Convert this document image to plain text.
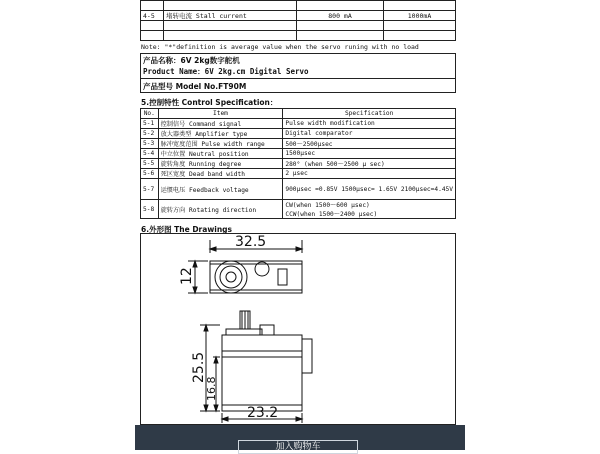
4-5	堵转电流 Stall current	800 mA	1000mA

Note: "*"definition is average value when the servo runing with no load
产品名称：6V 2kg数字舵机
Product Name：6V 2kg.cm Digital Servo
产品型号 Model No.FT90M
5.控制特性 Control Specification：
No.	Item	Specification
5-1	控制信号 Command signal	Pulse width modification
5-2	放大器类型 Amplifier type	Digital comparator
5-3	脉冲宽度范围 Pulse width range	500～2500μsec
5-4	中立位置 Neutral position	1500μsec
5-5	旋转角度 Running degree	280° (when 500～2500 μ sec)
5-6	死区宽度 Dead band width	2 μsec
5-7	运惯电压 Feedback voltage	900μsec =0.85V 1500μsec= 1.65V 2100μsec=4.45V
5-8	旋转方向 Rotating direction	CW(when 1500～600 μsec)
CCW(when 1500～2400 μsec)
6.外形图 The Drawings
32.5
12
25.5
16.8
23.2
加入购物车
